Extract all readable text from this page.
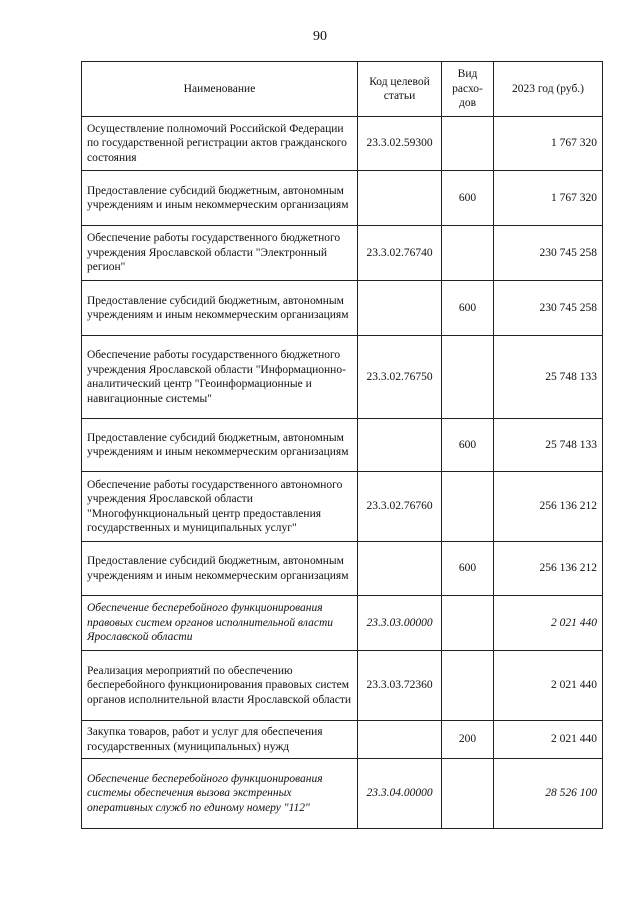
90
Наименование	Код целевой статьи	Вид расхо-дов	2023 год (руб.)
Осуществление полномочий Российской Федерации по государственной регистрации актов гражданского состояния	23.3.02.59300		1 767 320
Предоставление субсидий бюджетным, автономным учреждениям и иным некоммерческим организациям		600	1 767 320
Обеспечение работы государственного бюджетного учреждения Ярославской области "Электронный регион"	23.3.02.76740		230 745 258
Предоставление субсидий бюджетным, автономным учреждениям и иным некоммерческим организациям		600	230 745 258
Обеспечение работы государственного бюджетного учреждения Ярославской области "Информационно-аналитический центр "Геоинформационные и навигационные системы"	23.3.02.76750		25 748 133
Предоставление субсидий бюджетным, автономным учреждениям и иным некоммерческим организациям		600	25 748 133
Обеспечение работы государственного автономного учреждения Ярославской области "Многофункциональный центр предоставления государственных и муниципальных услуг"	23.3.02.76760		256 136 212
Предоставление субсидий бюджетным, автономным учреждениям и иным некоммерческим организациям		600	256 136 212
Обеспечение бесперебойного функционирования правовых систем органов исполнительной власти Ярославской области	23.3.03.00000		2 021 440
Реализация мероприятий по обеспечению бесперебойного функционирования правовых систем органов исполнительной власти Ярославской области	23.3.03.72360		2 021 440
Закупка товаров, работ и услуг для обеспечения государственных (муниципальных) нужд		200	2 021 440
Обеспечение бесперебойного функционирования системы обеспечения вызова экстренных оперативных служб по единому номеру "112"	23.3.04.00000		28 526 100
